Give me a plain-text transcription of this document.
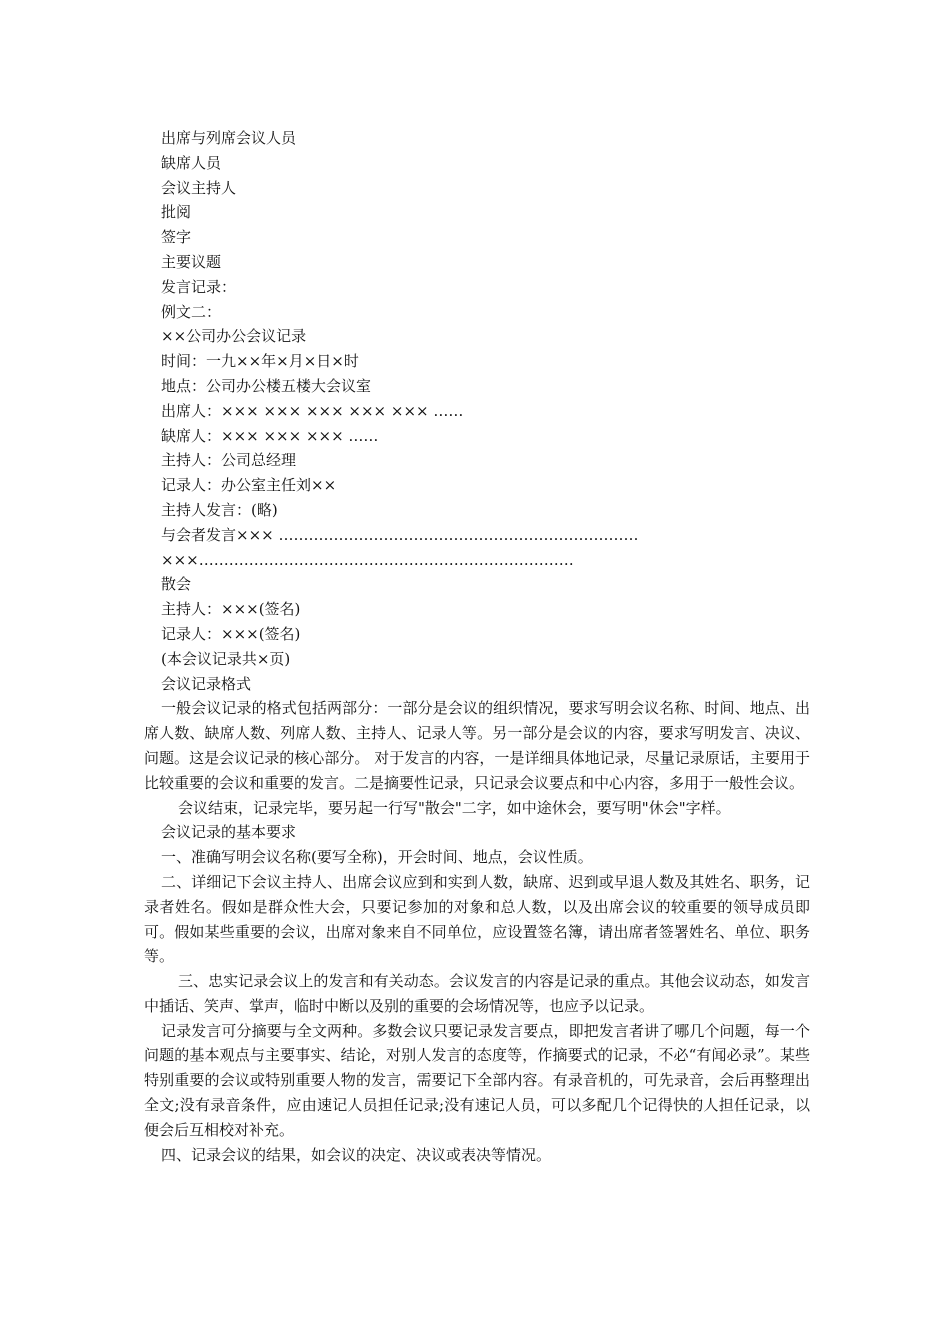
出席与列席会议人员
缺席人员
会议主持人
批阅
签字
主要议题
发言记录：
例文二：
××公司办公会议记录
时间：一九××年×月×日×时
地点：公司办公楼五楼大会议室
出席人：××× ××× ××× ××× ××× ……
缺席人：××× ××× ××× ……
主持人：公司总经理
记录人：办公室主任刘××
主持人发言：(略)
与会者发言××× ………………………………………………………………
×××…………………………………………………………………
散会
主持人：×××(签名)
记录人：×××(签名)
(本会议记录共×页)
会议记录格式

一般会议记录的格式包括两部分：一部分是会议的组织情况，要求写明会议名称、时间、地点、出席人数、缺席人数、列席人数、主持人、记录人等。另一部分是会议的内容，要求写明发言、决议、问题。这是会议记录的核心部分。 对于发言的内容，一是详细具体地记录，尽量记录原话，主要用于比较重要的会议和重要的发言。二是摘要性记录，只记录会议要点和中心内容，多用于一般性会议。

会议结束，记录完毕，要另起一行写"散会"二字，如中途休会，要写明"休会"字样。

会议记录的基本要求

一、准确写明会议名称(要写全称)，开会时间、地点，会议性质。

二、详细记下会议主持人、出席会议应到和实到人数，缺席、迟到或早退人数及其姓名、职务，记录者姓名。假如是群众性大会，只要记参加的对象和总人数，以及出席会议的较重要的领导成员即可。假如某些重要的会议，出席对象来自不同单位，应设置签名簿，请出席者签署姓名、单位、职务等。

三、忠实记录会议上的发言和有关动态。会议发言的内容是记录的重点。其他会议动态，如发言中插话、笑声、掌声，临时中断以及别的重要的会场情况等，也应予以记录。

记录发言可分摘要与全文两种。多数会议只要记录发言要点，即把发言者讲了哪几个问题，每一个问题的基本观点与主要事实、结论，对别人发言的态度等，作摘要式的记录，不必“有闻必录”。某些特别重要的会议或特别重要人物的发言，需要记下全部内容。有录音机的，可先录音，会后再整理出全文;没有录音条件，应由速记人员担任记录;没有速记人员，可以多配几个记得快的人担任记录，以便会后互相校对补充。

四、记录会议的结果，如会议的决定、决议或表决等情况。
